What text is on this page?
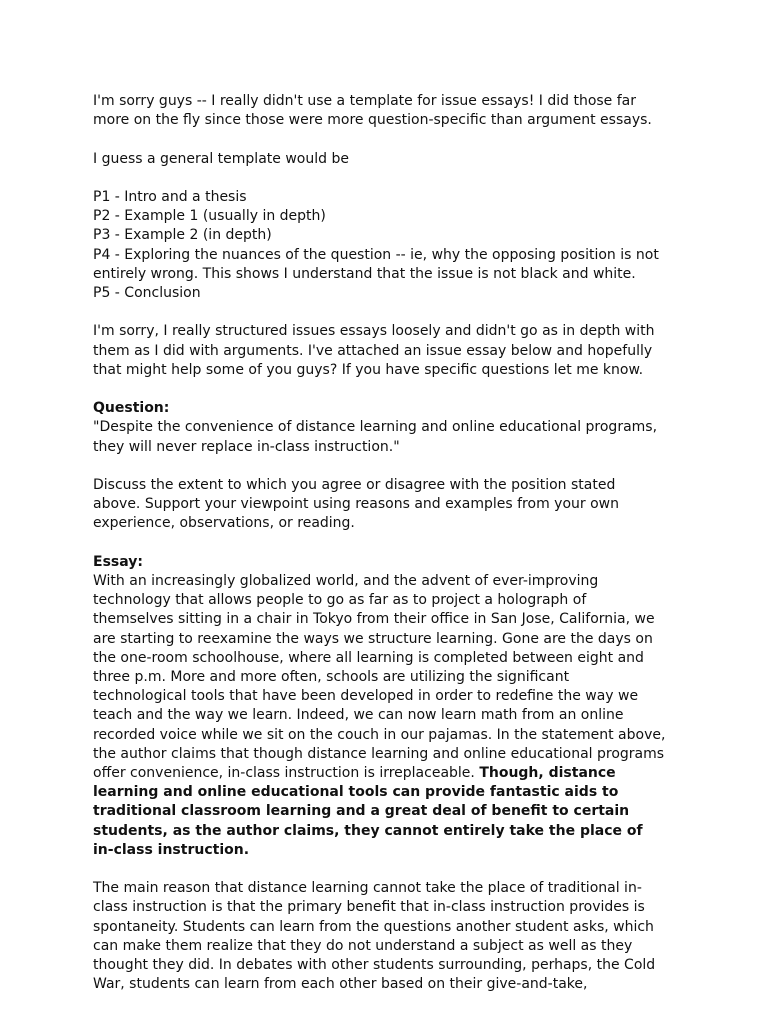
I'm sorry guys -- I really didn't use a template for issue essays! I did those far
more on the fly since those were more question-specific than argument essays.

I guess a general template would be

P1 - Intro and a thesis
P2 - Example 1 (usually in depth)
P3 - Example 2 (in depth)
P4 - Exploring the nuances of the question -- ie, why the opposing position is not
entirely wrong. This shows I understand that the issue is not black and white.
P5 - Conclusion

I'm sorry, I really structured issues essays loosely and didn't go as in depth with
them as I did with arguments. I've attached an issue essay below and hopefully
that might help some of you guys? If you have specific questions let me know.

Question:
"Despite the convenience of distance learning and online educational programs,
they will never replace in-class instruction."

Discuss the extent to which you agree or disagree with the position stated
above. Support your viewpoint using reasons and examples from your own
experience, observations, or reading.

Essay:
With an increasingly globalized world, and the advent of ever-improving
technology that allows people to go as far as to project a holograph of
themselves sitting in a chair in Tokyo from their office in San Jose, California, we
are starting to reexamine the ways we structure learning. Gone are the days on
the one-room schoolhouse, where all learning is completed between eight and
three p.m. More and more often, schools are utilizing the significant
technological tools that have been developed in order to redefine the way we
teach and the way we learn. Indeed, we can now learn math from an online
recorded voice while we sit on the couch in our pajamas. In the statement above,
the author claims that though distance learning and online educational programs
offer convenience, in-class instruction is irreplaceable. Though, distance
learning and online educational tools can provide fantastic aids to
traditional classroom learning and a great deal of benefit to certain
students, as the author claims, they cannot entirely take the place of
in-class instruction.

The main reason that distance learning cannot take the place of traditional in-
class instruction is that the primary benefit that in-class instruction provides is
spontaneity. Students can learn from the questions another student asks, which
can make them realize that they do not understand a subject as well as they
thought they did. In debates with other students surrounding, perhaps, the Cold
War, students can learn from each other based on their give-and-take,
